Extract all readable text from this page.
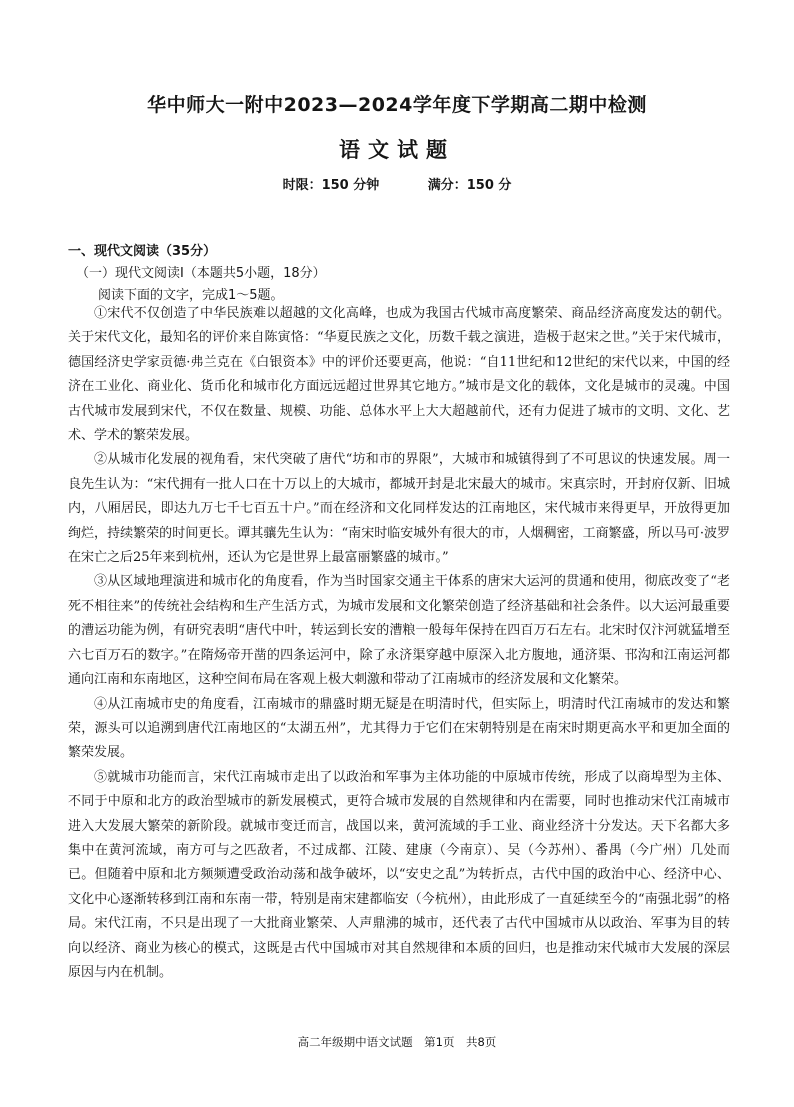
华中师大一附中2023—2024学年度下学期高二期中检测
语文试题
时限：150 分钟	满分：150 分
一、现代文阅读（35分）
（一）现代文阅读Ⅰ（本题共5小题，18分）
阅读下面的文字，完成1～5题。

①宋代不仅创造了中华民族难以超越的文化高峰，也成为我国古代城市高度繁荣、商品经济高度发达的朝代。关于宋代文化，最知名的评价来自陈寅恪：“华夏民族之文化，历数千载之演进，造极于赵宋之世。”关于宋代城市，德国经济史学家贡德·弗兰克在《白银资本》中的评价还要更高，他说：“自11世纪和12世纪的宋代以来，中国的经济在工业化、商业化、货币化和城市化方面远远超过世界其它地方。”城市是文化的载体，文化是城市的灵魂。中国古代城市发展到宋代，不仅在数量、规模、功能、总体水平上大大超越前代，还有力促进了城市的文明、文化、艺术、学术的繁荣发展。

②从城市化发展的视角看，宋代突破了唐代“坊和市的界限”，大城市和城镇得到了不可思议的快速发展。周一良先生认为：“宋代拥有一批人口在十万以上的大城市，都城开封是北宋最大的城市。宋真宗时，开封府仅新、旧城内，八厢居民，即达九万七千七百五十户。”而在经济和文化同样发达的江南地区，宋代城市来得更早，开放得更加绚烂，持续繁荣的时间更长。谭其骧先生认为：“南宋时临安城外有很大的市，人烟稠密，工商繁盛，所以马可·波罗在宋亡之后25年来到杭州，还认为它是世界上最富丽繁盛的城市。”

③从区域地理演进和城市化的角度看，作为当时国家交通主干体系的唐宋大运河的贯通和使用，彻底改变了“老死不相往来”的传统社会结构和生产生活方式，为城市发展和文化繁荣创造了经济基础和社会条件。以大运河最重要的漕运功能为例，有研究表明“唐代中叶，转运到长安的漕粮一般每年保持在四百万石左右。北宋时仅汴河就猛增至六七百万石的数字。”在隋炀帝开凿的四条运河中，除了永济渠穿越中原深入北方腹地，通济渠、邗沟和江南运河都通向江南和东南地区，这种空间布局在客观上极大刺激和带动了江南城市的经济发展和文化繁荣。

④从江南城市史的角度看，江南城市的鼎盛时期无疑是在明清时代，但实际上，明清时代江南城市的发达和繁荣，源头可以追溯到唐代江南地区的“太湖五州”，尤其得力于它们在宋朝特别是在南宋时期更高水平和更加全面的繁荣发展。

⑤就城市功能而言，宋代江南城市走出了以政治和军事为主体功能的中原城市传统，形成了以商埠型为主体、不同于中原和北方的政治型城市的新发展模式，更符合城市发展的自然规律和内在需要，同时也推动宋代江南城市进入大发展大繁荣的新阶段。就城市变迁而言，战国以来，黄河流域的手工业、商业经济十分发达。天下名都大多集中在黄河流域，南方可与之匹敌者，不过成都、江陵、建康（今南京）、吴（今苏州）、番禺（今广州）几处而已。但随着中原和北方频频遭受政治动荡和战争破坏，以“安史之乱”为转折点，古代中国的政治中心、经济中心、文化中心逐渐转移到江南和东南一带，特别是南宋建都临安（今杭州），由此形成了一直延续至今的“南强北弱”的格局。宋代江南，不只是出现了一大批商业繁荣、人声鼎沸的城市，还代表了古代中国城市从以政治、军事为目的转向以经济、商业为核心的模式，这既是古代中国城市对其自然规律和本质的回归，也是推动宋代城市大发展的深层原因与内在机制。

高二年级期中语文试题　第1页　共8页
